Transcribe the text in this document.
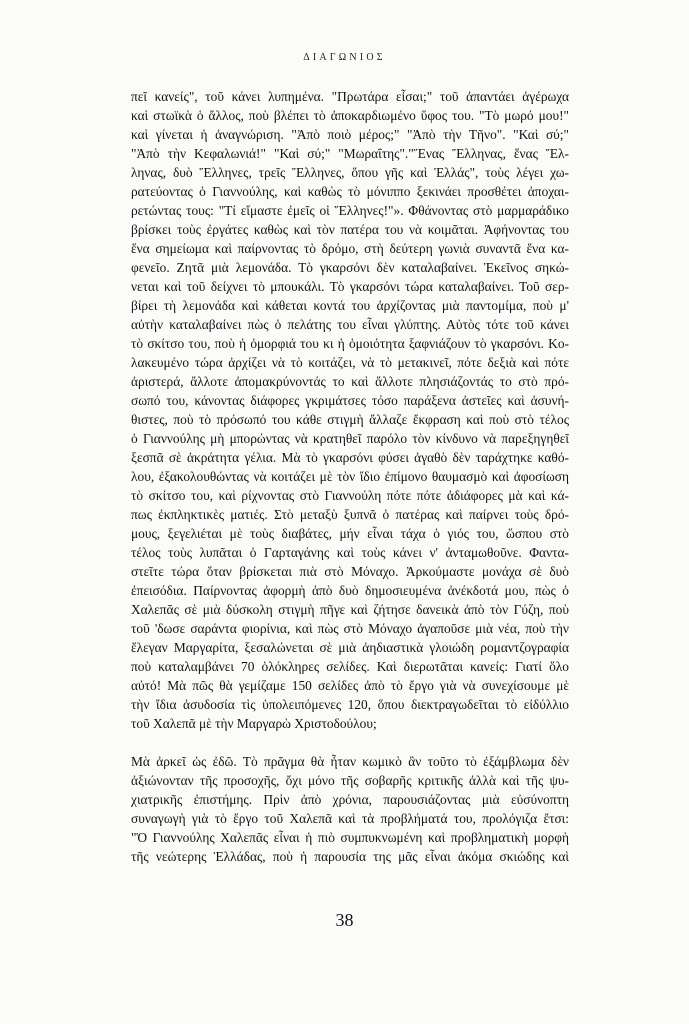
ΔΙΑΓΩΝΙΟΣ
πεῖ κανείς", τοῦ κάνει λυπημένα. "Πρωτάρα εἶσαι;" τοῦ ἀπαντάει ἀγέρωχα
καὶ στωϊκὰ ὁ ἄλλος, ποὺ βλέπει τὸ ἀποκαρδιωμένο ὕφος του. "Τὸ μωρό μου!"
καὶ γίνεται ἡ ἀναγνώριση. "Ἀπὸ ποιὸ μέρος;" "Ἀπὸ τὴν Τῆνο". "Καὶ σύ;"
"Ἀπὸ τὴν Κεφαλωνιά!" "Καὶ σύ;" "Μωραΐτης"."Ἕνας Ἕλληνας, ἕνας Ἕλ-
ληνας, δυὸ Ἕλληνες, τρεῖς Ἕλληνες, ὅπου γῆς καὶ Ἑλλάς", τοὺς λέγει χω-
ρατεύοντας ὁ Γιαννούλης, καὶ καθὼς τὸ μόνιππο ξεκινάει προσθέτει ἀποχαι-
ρετώντας τους: "Τί εἴμαστε ἐμεῖς οἱ Ἕλληνες!"». Φθάνοντας στὸ μαρμαράδικο
βρίσκει τοὺς ἐργάτες καθὼς καὶ τὸν πατέρα του νὰ κοιμᾶται. Ἀφήνοντας του
ἕνα σημείωμα καὶ παίρνοντας τὸ δρόμο, στὴ δεύτερη γωνιὰ συναντᾶ ἕνα κα-
φενεῖο. Ζητᾶ μιὰ λεμονάδα. Τὸ γκαρσόνι δὲν καταλαβαίνει. Ἐκεῖνος σηκώ-
νεται καὶ τοῦ δείχνει τὸ μπουκάλι. Τὸ γκαρσόνι τώρα καταλαβαίνει. Τοῦ σερ-
βίρει τὴ λεμονάδα καὶ κάθεται κοντά του ἀρχίζοντας μιὰ παντομίμα, ποὺ μ'
αὐτὴν καταλαβαίνει πὼς ὁ πελάτης του εἶναι γλύπτης. Αὐτὸς τότε τοῦ κάνει
τὸ σκίτσο του, ποὺ ἡ ὀμορφιά του κι ἡ ὁμοιότητα ξαφνιάζουν τὸ γκαρσόνι. Κο-
λακευμένο τώρα ἀρχίζει νὰ τὸ κοιτάζει, νὰ τὸ μετακινεῖ, πότε δεξιὰ καὶ πότε
ἀριστερά, ἄλλοτε ἀπομακρύνοντάς το καὶ ἄλλοτε πλησιάζοντάς το στὸ πρό-
σωπό του, κάνοντας διάφορες γκριμάτσες τόσο παράξενα ἀστεῖες καὶ ἀσυνή-
θιστες, ποὺ τὸ πρόσωπό του κάθε στιγμὴ ἄλλαζε ἔκφραση καὶ ποὺ στὸ τέλος
ὁ Γιαννούλης μὴ μπορώντας νὰ κρατηθεῖ παρόλο τὸν κίνδυνο νὰ παρεξηγηθεῖ
ξεσπᾶ σὲ ἀκράτητα γέλια. Μὰ τὸ γκαρσόνι φύσει ἀγαθὸ δὲν ταράχτηκε καθό-
λου, ἐξακολουθώντας νὰ κοιτάζει μὲ τὸν ἴδιο ἐπίμονο θαυμασμὸ καὶ ἀφοσίωση
τὸ σκίτσο του, καὶ ρίχνοντας στὸ Γιαννούλη πότε πότε ἀδιάφορες μὰ καὶ κά-
πως ἐκπληκτικὲς ματιές. Στὸ μεταξὺ ξυπνᾶ ὁ πατέρας καὶ παίρνει τοὺς δρό-
μους, ξεγελιέται μὲ τοὺς διαβάτες, μήν εἶναι τάχα ὁ γιός του, ὥσπου στὸ
τέλος τοὺς λυπᾶται ὁ Γαρταγάνης καὶ τοὺς κάνει ν' ἀνταμωθοῦνε. Φαντα-
στεῖτε τώρα ὅταν βρίσκεται πιὰ στὸ Μόναχο. Ἀρκούμαστε μονάχα σὲ δυὸ
ἐπεισόδια. Παίρνοντας ἀφορμὴ ἀπὸ δυὸ δημοσιευμένα ἀνέκδοτά μου, πὼς ὁ
Χαλεπᾶς σὲ μιὰ δύσκολη στιγμὴ πῆγε καὶ ζήτησε δανεικὰ ἀπὸ τὸν Γύζη, ποὺ
τοῦ 'δωσε σαράντα φιορίνια, καὶ πὼς στὸ Μόναχο ἀγαποῦσε μιὰ νέα, ποὺ τὴν
ἔλεγαν Μαργαρίτα, ξεσαλώνεται σὲ μιὰ ἀηδιαστικὰ γλοιώδη ρομαντζογραφία
ποὺ καταλαμβάνει 70 ὁλόκληρες σελίδες. Καὶ διερωτᾶται κανείς: Γιατί ὅλο
αὐτό! Μὰ πῶς θὰ γεμίζαμε 150 σελίδες ἀπὸ τὸ ἔργο γιὰ νὰ συνεχίσουμε μὲ
τὴν ἴδια ἀσυδοσία τὶς ὑπολειπόμενες 120, ὅπου διεκτραγωδεῖται τὸ εἰδύλλιο
τοῦ Χαλεπᾶ μὲ τὴν Μαργαρὼ Χριστοδούλου;
Μὰ ἀρκεῖ ὡς ἐδῶ. Τὸ πρᾶγμα θὰ ἦταν κωμικὸ ἂν τοῦτο τὸ ἐξάμβλωμα δὲν
ἀξιώνονταν τῆς προσοχῆς, ὄχι μόνο τῆς σοβαρῆς κριτικῆς ἀλλὰ καὶ τῆς ψυ-
χιατρικῆς ἐπιστήμης. Πρὶν ἀπὸ χρόνια, παρουσιάζοντας μιὰ εὐσύνοπτη
συναγωγὴ γιὰ τὸ ἔργο τοῦ Χαλεπᾶ καὶ τὰ προβλήματά του, προλόγιζα ἔτσι:
"Ὁ Γιαννούλης Χαλεπᾶς εἶναι ἡ πιὸ συμπυκνωμένη καὶ προβληματικὴ μορφὴ
τῆς νεώτερης Ἑλλάδας, ποὺ ἡ παρουσία της μᾶς εἶναι ἀκόμα σκιώδης καὶ
38
